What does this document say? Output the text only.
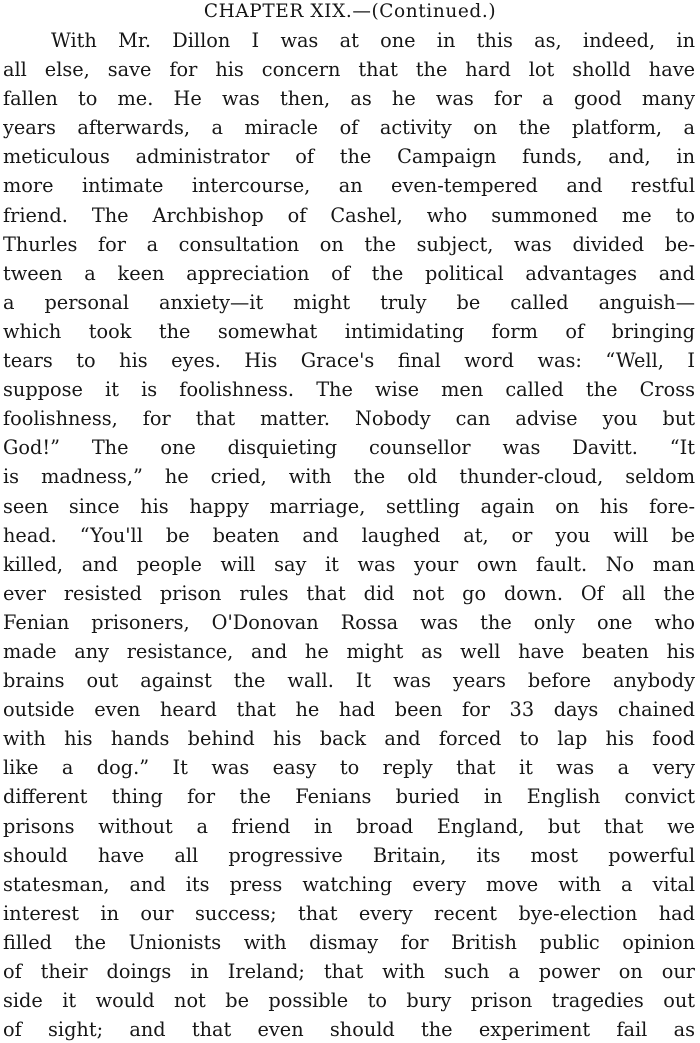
CHAPTER XIX.—(Continued.)
With Mr. Dillon I was at one in this as, indeed, in
all else, save for his concern that the hard lot sholld have
fallen to me. He was then, as he was for a good many
years afterwards, a miracle of activity on the platform, a
meticulous administrator of the Campaign funds, and, in
more intimate intercourse, an even-tempered and restful
friend. The Archbishop of Cashel, who summoned me to
Thurles for a consultation on the subject, was divided be-
tween a keen appreciation of the political advantages and
a personal anxiety—it might truly be called anguish—
which took the somewhat intimidating form of bringing
tears to his eyes. His Grace's final word was: “Well, I
suppose it is foolishness. The wise men called the Cross
foolishness, for that matter. Nobody can advise you but
God!” The one disquieting counsellor was Davitt. “It
is madness,” he cried, with the old thunder-cloud, seldom
seen since his happy marriage, settling again on his fore-
head. “You'll be beaten and laughed at, or you will be
killed, and people will say it was your own fault. No man
ever resisted prison rules that did not go down. Of all the
Fenian prisoners, O'Donovan Rossa was the only one who
made any resistance, and he might as well have beaten his
brains out against the wall. It was years before anybody
outside even heard that he had been for 33 days chained
with his hands behind his back and forced to lap his food
like a dog.” It was easy to reply that it was a very
different thing for the Fenians buried in English convict
prisons without a friend in broad England, but that we
should have all progressive Britain, its most powerful
statesman, and its press watching every move with a vital
interest in our success; that every recent bye-election had
filled the Unionists with dismay for British public opinion
of their doings in Ireland; that with such a power on our
side it would not be possible to bury prison tragedies out
of sight; and that even should the experiment fail as
